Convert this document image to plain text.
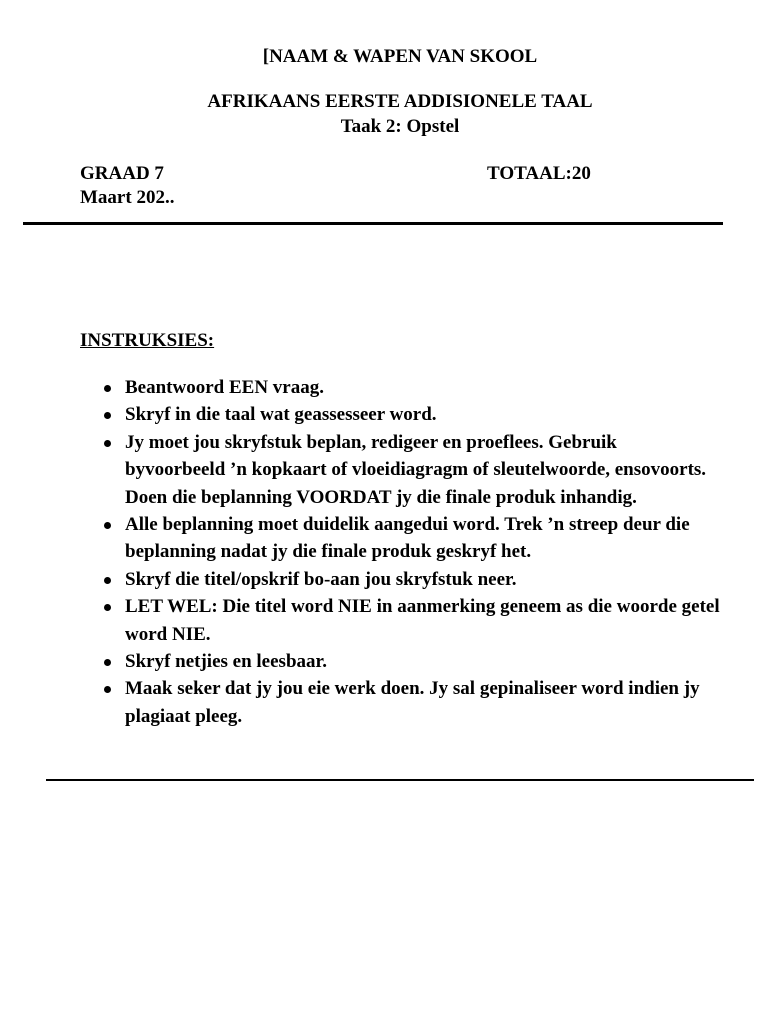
[NAAM & WAPEN VAN SKOOL
AFRIKAANS EERSTE ADDISIONELE TAAL
Taak 2: Opstel
GRAAD 7
Maart 202..
TOTAAL:20
INSTRUKSIES:
Beantwoord EEN vraag.
Skryf in die taal wat geassesseer word.
Jy moet jou skryfstuk beplan, redigeer en proeflees. Gebruik byvoorbeeld ’n kopkaart of vloeidiagragm of sleutelwoorde, ensovoorts. Doen die beplanning VOORDAT jy die finale produk inhandig.
Alle beplanning moet duidelik aangedui word. Trek ’n streep deur die beplanning nadat jy die finale produk geskryf het.
Skryf die titel/opskrif bo-aan jou skryfstuk neer.
LET WEL: Die titel word NIE in aanmerking geneem as die woorde getel word NIE.
Skryf netjies en leesbaar.
Maak seker dat jy jou eie werk doen. Jy sal gepinaliseer word indien jy plagiaat pleeg.
